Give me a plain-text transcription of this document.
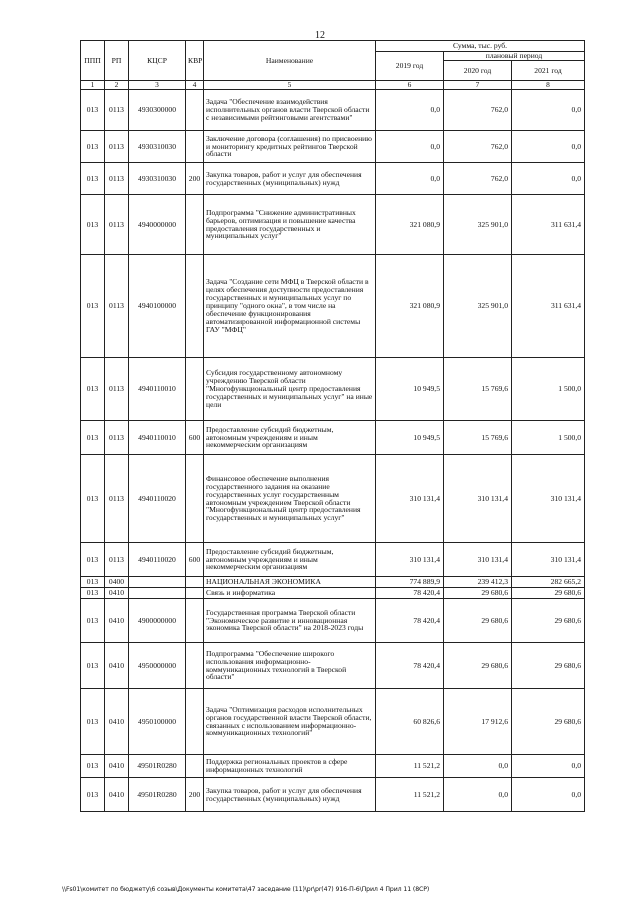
12
ППП	РП	КЦСР	КВР	Наименование	Сумма, тыс. руб.		
					2019 год	плановый период	
						2020 год	2021 год
1	2	3	4	5	6	7	8
013	0113	4930300000		Задача "Обеспечение взаимодействия исполнительных органов власти Тверской области с независимыми рейтинговыми агентствами"	0,0	762,0	0,0
013	0113	4930310030		Заключение договора (соглашения) по присвоению и мониторингу кредитных рейтингов Тверской области	0,0	762,0	0,0
013	0113	4930310030	200	Закупка товаров, работ и услуг для обеспечения государственных (муниципальных) нужд	0,0	762,0	0,0
013	0113	4940000000		Подпрограмма "Снижение административных барьеров, оптимизация и повышение качества предоставления государственных и муниципальных услуг"	321 080,9	325 901,0	311 631,4
013	0113	4940100000		Задача "Создание сети МФЦ в Тверской области в целях обеспечения доступности предоставления государственных и муниципальных услуг по принципу "одного окна", в том числе на обеспечение функционирования автоматизированной информационной системы ГАУ "МФЦ"	321 080,9	325 901,0	311 631,4
013	0113	4940110010		Субсидия государственному автономному учреждению Тверской области "Многофункциональный центр предоставления государственных и муниципальных услуг" на иные цели	10 949,5	15 769,6	1 500,0
013	0113	4940110010	600	Предоставление субсидий бюджетным, автономным учреждениям и иным некоммерческим организациям	10 949,5	15 769,6	1 500,0
013	0113	4940110020		Финансовое обеспечение выполнения государственного задания на оказание государственных услуг государственным автономным учреждением Тверской области "Многофункциональный центр предоставления государственных и муниципальных услуг"	310 131,4	310 131,4	310 131,4
013	0113	4940110020	600	Предоставление субсидий бюджетным, автономным учреждениям и иным некоммерческим организациям	310 131,4	310 131,4	310 131,4
013	0400			НАЦИОНАЛЬНАЯ ЭКОНОМИКА	774 889,9	239 412,3	282 665,2
013	0410			Связь и информатика	78 420,4	29 680,6	29 680,6
013	0410	4900000000		Государственная программа Тверской области "Экономическое развитие и инновационная экономика Тверской области" на 2018-2023 годы	78 420,4	29 680,6	29 680,6
013	0410	4950000000		Подпрограмма "Обеспечение широкого использования информационно-коммуникационных технологий в Тверской области"	78 420,4	29 680,6	29 680,6
013	0410	4950100000		Задача "Оптимизация расходов исполнительных органов государственной власти Тверской области, связанных с использованием информационно-коммуникационных технологий"	60 826,6	17 912,6	29 680,6
013	0410	49501R0280		Поддержка региональных проектов в сфере информационных технологий	11 521,2	0,0	0,0
013	0410	49501R0280	200	Закупка товаров, работ и услуг для обеспечения государственных (муниципальных) нужд	11 521,2	0,0	0,0
\\Fs01\комитет по бюджету\6 созыв\Документы комитета\47 заседание (11)\pr\pr(47) 916-П-6\Прил 4 Прил 11 (8СР)
